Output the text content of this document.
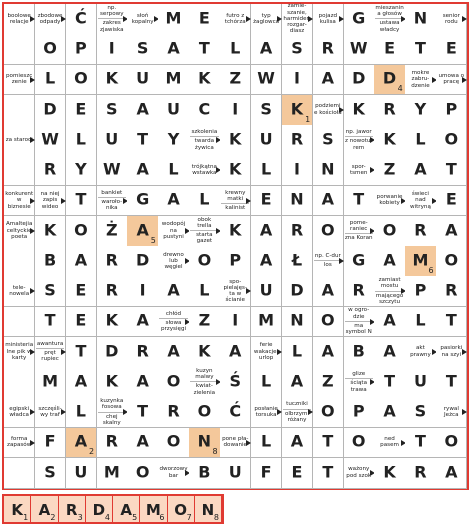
boolowe relacje
zbodowe odpady Ć
np. serpowy
zakres zjawiska
słoń kopalny M	E	futro z tchórza
typ żaglowca
zamie-szanie, harmider, rozgar-diasz
pojazd kulisa	G
mieszanina głosów
ustawa władcy
N	senior rodu
O	P	I	S	A	T	L	A	S	R W	E	T	E
pomieszczenie	L	O	K	U	M	K	Z	W	I	A	D	D
4
mokre zabru-dzenie
umowa o pracę
D	E	S	A	U	C	I	S	K
1
podziemie kościoła K	R	Y	P
za staroci W	L	U	T	Y	szkolenia
twarda żywica K	U	R	S	np. jawor
z nowotu-rem	K	L	O
R	Y	W A	L	trójkątna wstawka K	L	I	N	spor-tsmen	Z	A	T
konkurent w biznesie
na niej zapis wideo	T	bankiet
waroło-nika	G	A	L	krewny matki
kalinist E	N	A	T	porwanie kobiety
świeci nad witryną E
Amaltejia celtyckie poeta	K	O	Ż	A
5
wodopój na pustyni
obok trella
starta gazet
K	A	R	O	pome-raniec
zna Koran O	R	A
B	A	R	D	drewno lub węgiel O	P	A	Ł	np. C-dur
los	G	A	M
6
O
tele-nowela S	E	R	I	A	L	spo-pielajęs-ta w ścianie
U	D	A	R
zamiast mostu
mającego szczytu
P	R
T	E	K	A	chłód
słowa przysięgi Z	I	M	N	O
w ogro-dzie
ma symbol N
A	L	T
ministerialne pik w karty
awantura
pręt rupiec	T	D	R	A	K	A	ferie wakacje, urlop	L	A	B	A	akt prawny
pasiorki na szyi
M	A	K	A	O
kuzyn malwy
kwiat-zielenia
Ś	L	A	Z	glize
ściąta trawa	T	U	T
egipski władca
szczęśli-wy traf L
kuzynka fosowa
chej skalny
T	R	O	Ć	posłanie torsuka
tuczniki
olbrzymi różany O	P	A	S	rywal Jeżca
forma zapasów F	A
2
R	A	O	N
8
pone pła-dowanie L	A	T	O	ned pasem	T	O
S	U	M	O	dworzowy bar	B	U	F	E	T	ważony pod szok K	R	A
K 1 A 2 R 3 D 4 A 5 M
6 O 7 N 8
